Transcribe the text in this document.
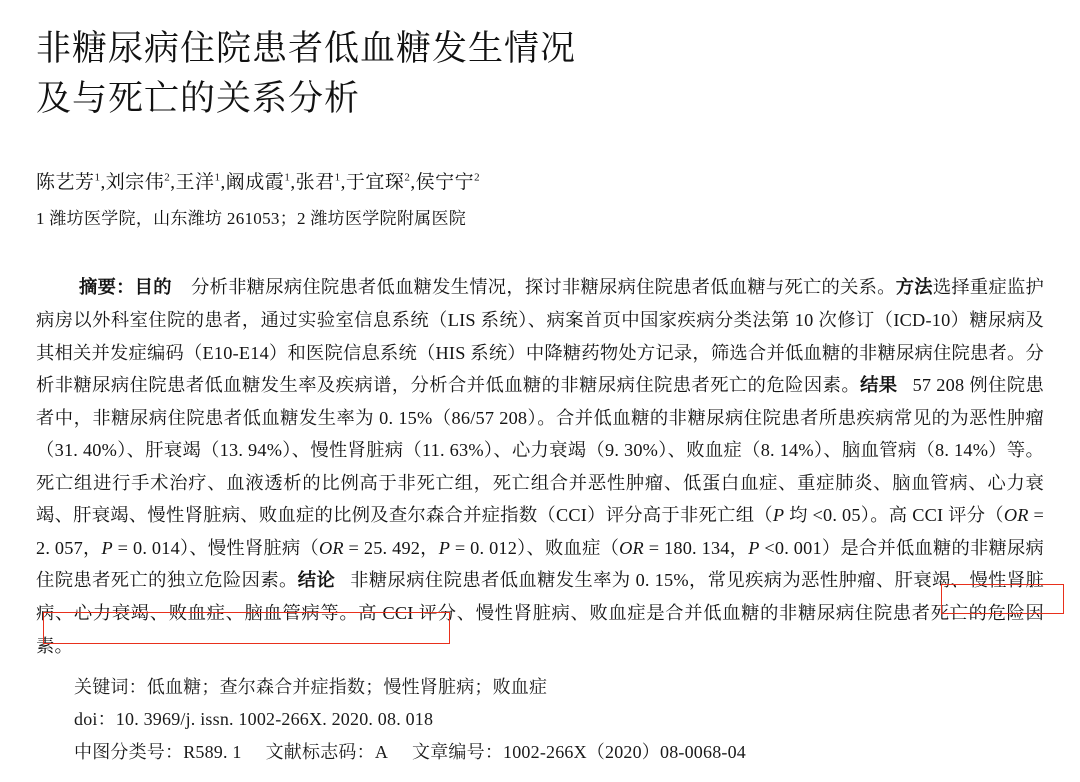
非糖尿病住院患者低血糖发生情况
及与死亡的关系分析
陈艺芳$^1$,刘宗伟$^2$,王洋$^1$,阚成霞$^1$,张君$^1$,于宜琛$^2$,侯宁宁$^2$
1 潍坊医学院，山东潍坊 261053；2 潍坊医学院附属医院
摘要：目的 分析非糖尿病住院患者低血糖发生情况，探讨非糖尿病住院患者低血糖与死亡的关系。方法选择重症监护病房以外科室住院的患者，通过实验室信息系统（LIS 系统）、病案首页中国家疾病分类法第 10 次修订（ICD-10）糖尿病及其相关并发症编码（E10-E14）和医院信息系统（HIS 系统）中降糖药物处方记录，筛选合并低血糖的非糖尿病住院患者。分析非糖尿病住院患者低血糖发生率及疾病谱，分析合并低血糖的非糖尿病住院患者死亡的危险因素。结果 57 208 例住院患者中，非糖尿病住院患者低血糖发生率为 0. 15%（86/57 208）。合并低血糖的非糖尿病住院患者所患疾病常见的为恶性肿瘤（31. 40%）、肝衰竭（13. 94%）、慢性肾脏病（11. 63%）、心力衰竭（9. 30%）、败血症（8. 14%）、脑血管病（8. 14%）等。死亡组进行手术治疗、血液透析的比例高于非死亡组，死亡组合并恶性肿瘤、低蛋白血症、重症肺炎、脑血管病、心力衰竭、肝衰竭、慢性肾脏病、败血症的比例及查尔森合并症指数（CCI）评分高于非死亡组（P 均 <0. 05）。高 CCI 评分（OR = 2. 057，P = 0. 014）、慢性肾脏病（OR = 25. 492，P = 0. 012）、败血症（OR = 180. 134，P <0. 001）是合并低血糖的非糖尿病住院患者死亡的独立危险因素。结论 非糖尿病住院患者低血糖发生率为 0. 15%，常见疾病为恶性肿瘤、肝衰竭、慢性肾脏病、心力衰竭、败血症、脑血管病等。高 CCI 评分、慢性肾脏病、败血症是合并低血糖的非糖尿病住院患者死亡的危险因素。
关键词：低血糖；查尔森合并症指数；慢性肾脏病；败血症
doi：10. 3969/j. issn. 1002-266X. 2020. 08. 018
中图分类号：R589. 1 文献标志码：A 文章编号：1002-266X（2020）08-0068-04
